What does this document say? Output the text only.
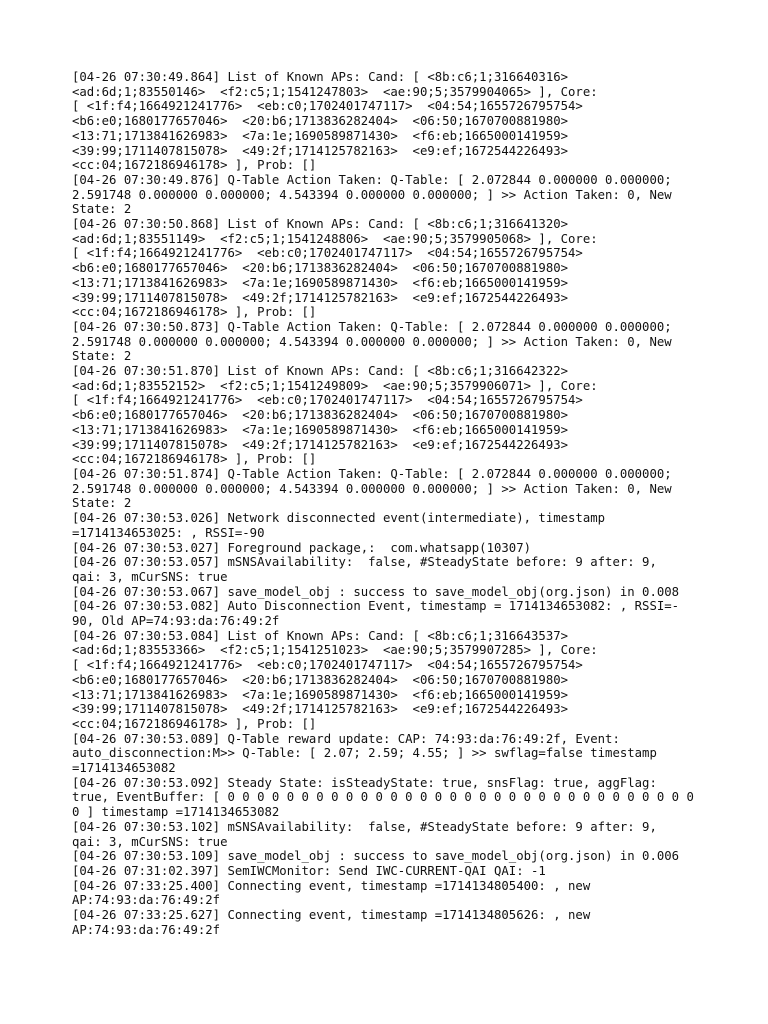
[04-26 07:30:49.864] List of Known APs: Cand: [ <8b:c6;1;316640316>
<ad:6d;1;83550146>  <f2:c5;1;1541247803>  <ae:90;5;3579904065> ], Core:
[ <1f:f4;1664921241776>  <eb:c0;1702401747117>  <04:54;1655726795754>
<b6:e0;1680177657046>  <20:b6;1713836282404>  <06:50;1670700881980>
<13:71;1713841626983>  <7a:1e;1690589871430>  <f6:eb;1665000141959>
<39:99;1711407815078>  <49:2f;1714125782163>  <e9:ef;1672544226493>
<cc:04;1672186946178> ], Prob: []
[04-26 07:30:49.876] Q-Table Action Taken: Q-Table: [ 2.072844 0.000000 0.000000;
2.591748 0.000000 0.000000; 4.543394 0.000000 0.000000; ] >> Action Taken: 0, New
State: 2
[04-26 07:30:50.868] List of Known APs: Cand: [ <8b:c6;1;316641320>
<ad:6d;1;83551149>  <f2:c5;1;1541248806>  <ae:90;5;3579905068> ], Core:
[ <1f:f4;1664921241776>  <eb:c0;1702401747117>  <04:54;1655726795754>
<b6:e0;1680177657046>  <20:b6;1713836282404>  <06:50;1670700881980>
<13:71;1713841626983>  <7a:1e;1690589871430>  <f6:eb;1665000141959>
<39:99;1711407815078>  <49:2f;1714125782163>  <e9:ef;1672544226493>
<cc:04;1672186946178> ], Prob: []
[04-26 07:30:50.873] Q-Table Action Taken: Q-Table: [ 2.072844 0.000000 0.000000;
2.591748 0.000000 0.000000; 4.543394 0.000000 0.000000; ] >> Action Taken: 0, New
State: 2
[04-26 07:30:51.870] List of Known APs: Cand: [ <8b:c6;1;316642322>
<ad:6d;1;83552152>  <f2:c5;1;1541249809>  <ae:90;5;3579906071> ], Core:
[ <1f:f4;1664921241776>  <eb:c0;1702401747117>  <04:54;1655726795754>
<b6:e0;1680177657046>  <20:b6;1713836282404>  <06:50;1670700881980>
<13:71;1713841626983>  <7a:1e;1690589871430>  <f6:eb;1665000141959>
<39:99;1711407815078>  <49:2f;1714125782163>  <e9:ef;1672544226493>
<cc:04;1672186946178> ], Prob: []
[04-26 07:30:51.874] Q-Table Action Taken: Q-Table: [ 2.072844 0.000000 0.000000;
2.591748 0.000000 0.000000; 4.543394 0.000000 0.000000; ] >> Action Taken: 0, New
State: 2
[04-26 07:30:53.026] Network disconnected event(intermediate), timestamp
=1714134653025: , RSSI=-90
[04-26 07:30:53.027] Foreground package,:  com.whatsapp(10307)
[04-26 07:30:53.057] mSNSAvailability:  false, #SteadyState before: 9 after: 9,
qai: 3, mCurSNS: true
[04-26 07:30:53.067] save_model_obj : success to save_model_obj(org.json) in 0.008
[04-26 07:30:53.082] Auto Disconnection Event, timestamp = 1714134653082: , RSSI=-
90, Old AP=74:93:da:76:49:2f
[04-26 07:30:53.084] List of Known APs: Cand: [ <8b:c6;1;316643537>
<ad:6d;1;83553366>  <f2:c5;1;1541251023>  <ae:90;5;3579907285> ], Core:
[ <1f:f4;1664921241776>  <eb:c0;1702401747117>  <04:54;1655726795754>
<b6:e0;1680177657046>  <20:b6;1713836282404>  <06:50;1670700881980>
<13:71;1713841626983>  <7a:1e;1690589871430>  <f6:eb;1665000141959>
<39:99;1711407815078>  <49:2f;1714125782163>  <e9:ef;1672544226493>
<cc:04;1672186946178> ], Prob: []
[04-26 07:30:53.089] Q-Table reward update: CAP: 74:93:da:76:49:2f, Event:
auto_disconnection:M>> Q-Table: [ 2.07; 2.59; 4.55; ] >> swflag=false timestamp
=1714134653082
[04-26 07:30:53.092] Steady State: isSteadyState: true, snsFlag: true, aggFlag:
true, EventBuffer: [ 0 0 0 0 0 0 0 0 0 0 0 0 0 0 0 0 0 0 0 0 0 0 0 0 0 0 0 0 0 0 0 0
0 ] timestamp =1714134653082
[04-26 07:30:53.102] mSNSAvailability:  false, #SteadyState before: 9 after: 9,
qai: 3, mCurSNS: true
[04-26 07:30:53.109] save_model_obj : success to save_model_obj(org.json) in 0.006
[04-26 07:31:02.397] SemIWCMonitor: Send IWC-CURRENT-QAI QAI: -1
[04-26 07:33:25.400] Connecting event, timestamp =1714134805400: , new
AP:74:93:da:76:49:2f
[04-26 07:33:25.627] Connecting event, timestamp =1714134805626: , new
AP:74:93:da:76:49:2f
